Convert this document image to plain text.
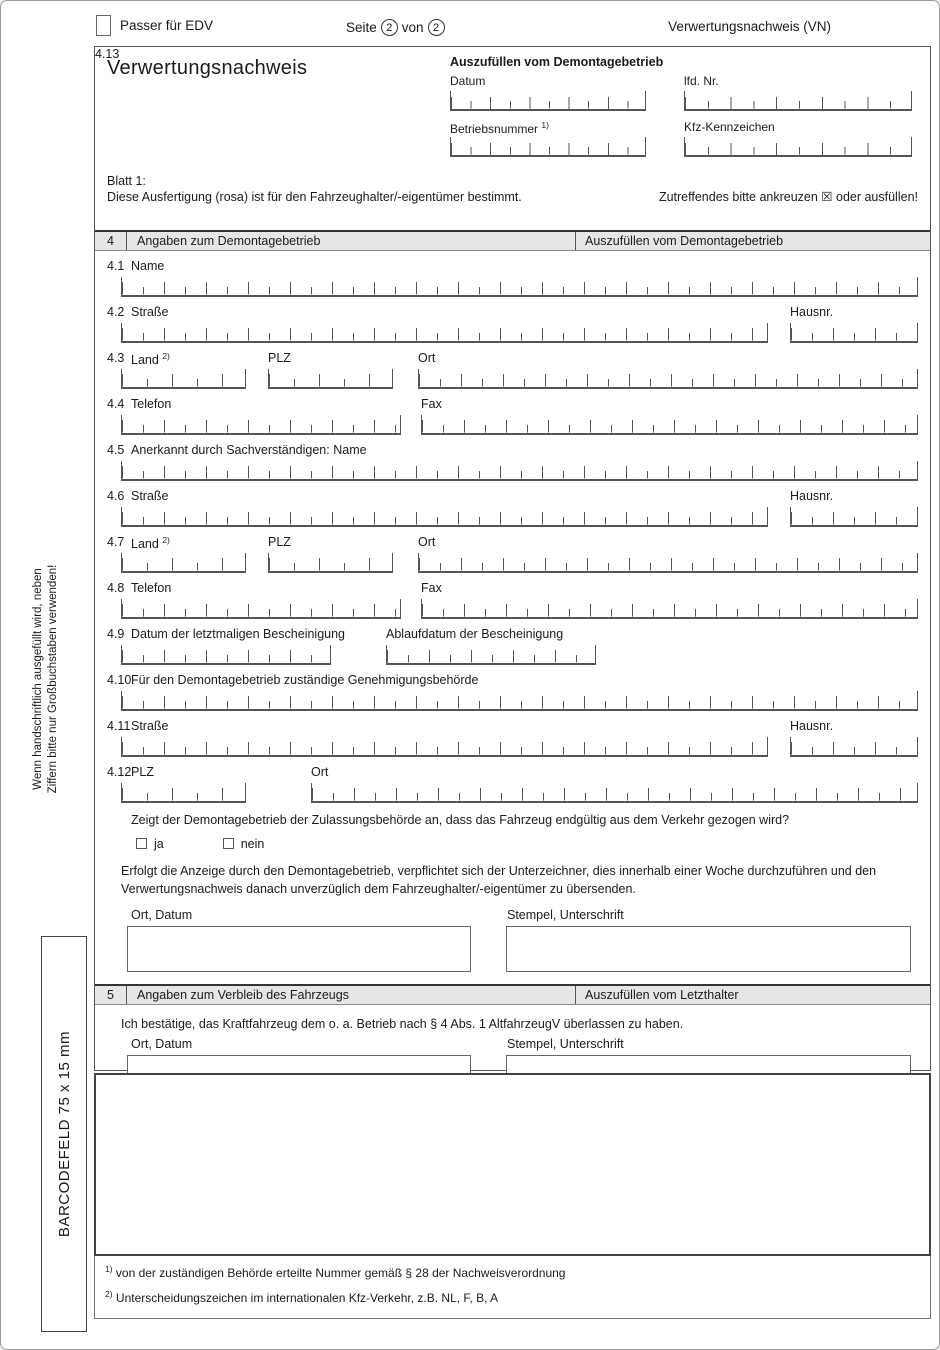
Passer für EDV	Seite 2 von 2	Verwertungsnachweis (VN)
Verwertungsnachweis	Auszufüllen vom Demontagebetrieb
Datum	lfd. Nr.
Betriebsnummer $^{1)}$	Kfz-Kennzeichen
Blatt 1:
Diese Ausfertigung (rosa) ist für den Fahrzeughalter/-eigentümer bestimmt.	Zutreffendes bitte ankreuzen ☒ oder ausfüllen!
4	Angaben zum Demontagebetrieb	Auszufüllen vom Demontagebetrieb
4.1 Name
4.2 Straße	Hausnr.
4.3 Land $^{2)}$	PLZ	Ort
4.4 Telefon	Fax
4.5 Anerkannt durch Sachverständigen: Name
4.6 Straße	Hausnr.
4.7 Land $^{2)}$	PLZ	Ort
4.8 Telefon	Fax
4.9 Datum der letztmaligen Bescheinigung	Ablaufdatum der Bescheinigung
4.10 Für den Demontagebetrieb zuständige Genehmigungsbehörde
4.11 Straße	Hausnr.
4.12 PLZ	Ort
4.13
Zeigt der Demontagebetrieb der Zulassungsbehörde an, dass das Fahrzeug endgültig aus dem Verkehr gezogen wird?
ja	nein
Erfolgt die Anzeige durch den Demontagebetrieb, verpflichtet sich der Unterzeichner, dies innerhalb einer Woche durchzuführen und den Verwertungsnachweis danach unverzüglich dem Fahrzeughalter/-eigentümer zu übersenden.
Ort, Datum	Stempel, Unterschrift
5	Angaben zum Verbleib des Fahrzeugs	Auszufüllen vom Letzthalter
Ich bestätige, das Kraftfahrzeug dem o. a. Betrieb nach § 4 Abs. 1 AltfahrzeugV überlassen zu haben.
Ort, Datum	Stempel, Unterschrift
$^{1)}$ von der zuständigen Behörde erteilte Nummer gemäß § 28 der Nachweisverordnung
$^{2)}$ Unterscheidungszeichen im internationalen Kfz-Verkehr, z.B. NL, F, B, A
Wenn handschriftlich ausgefüllt wird, neben Ziffern bitte nur Großbuchstaben verwenden!
BARCODEFELD 75 x 15 mm
